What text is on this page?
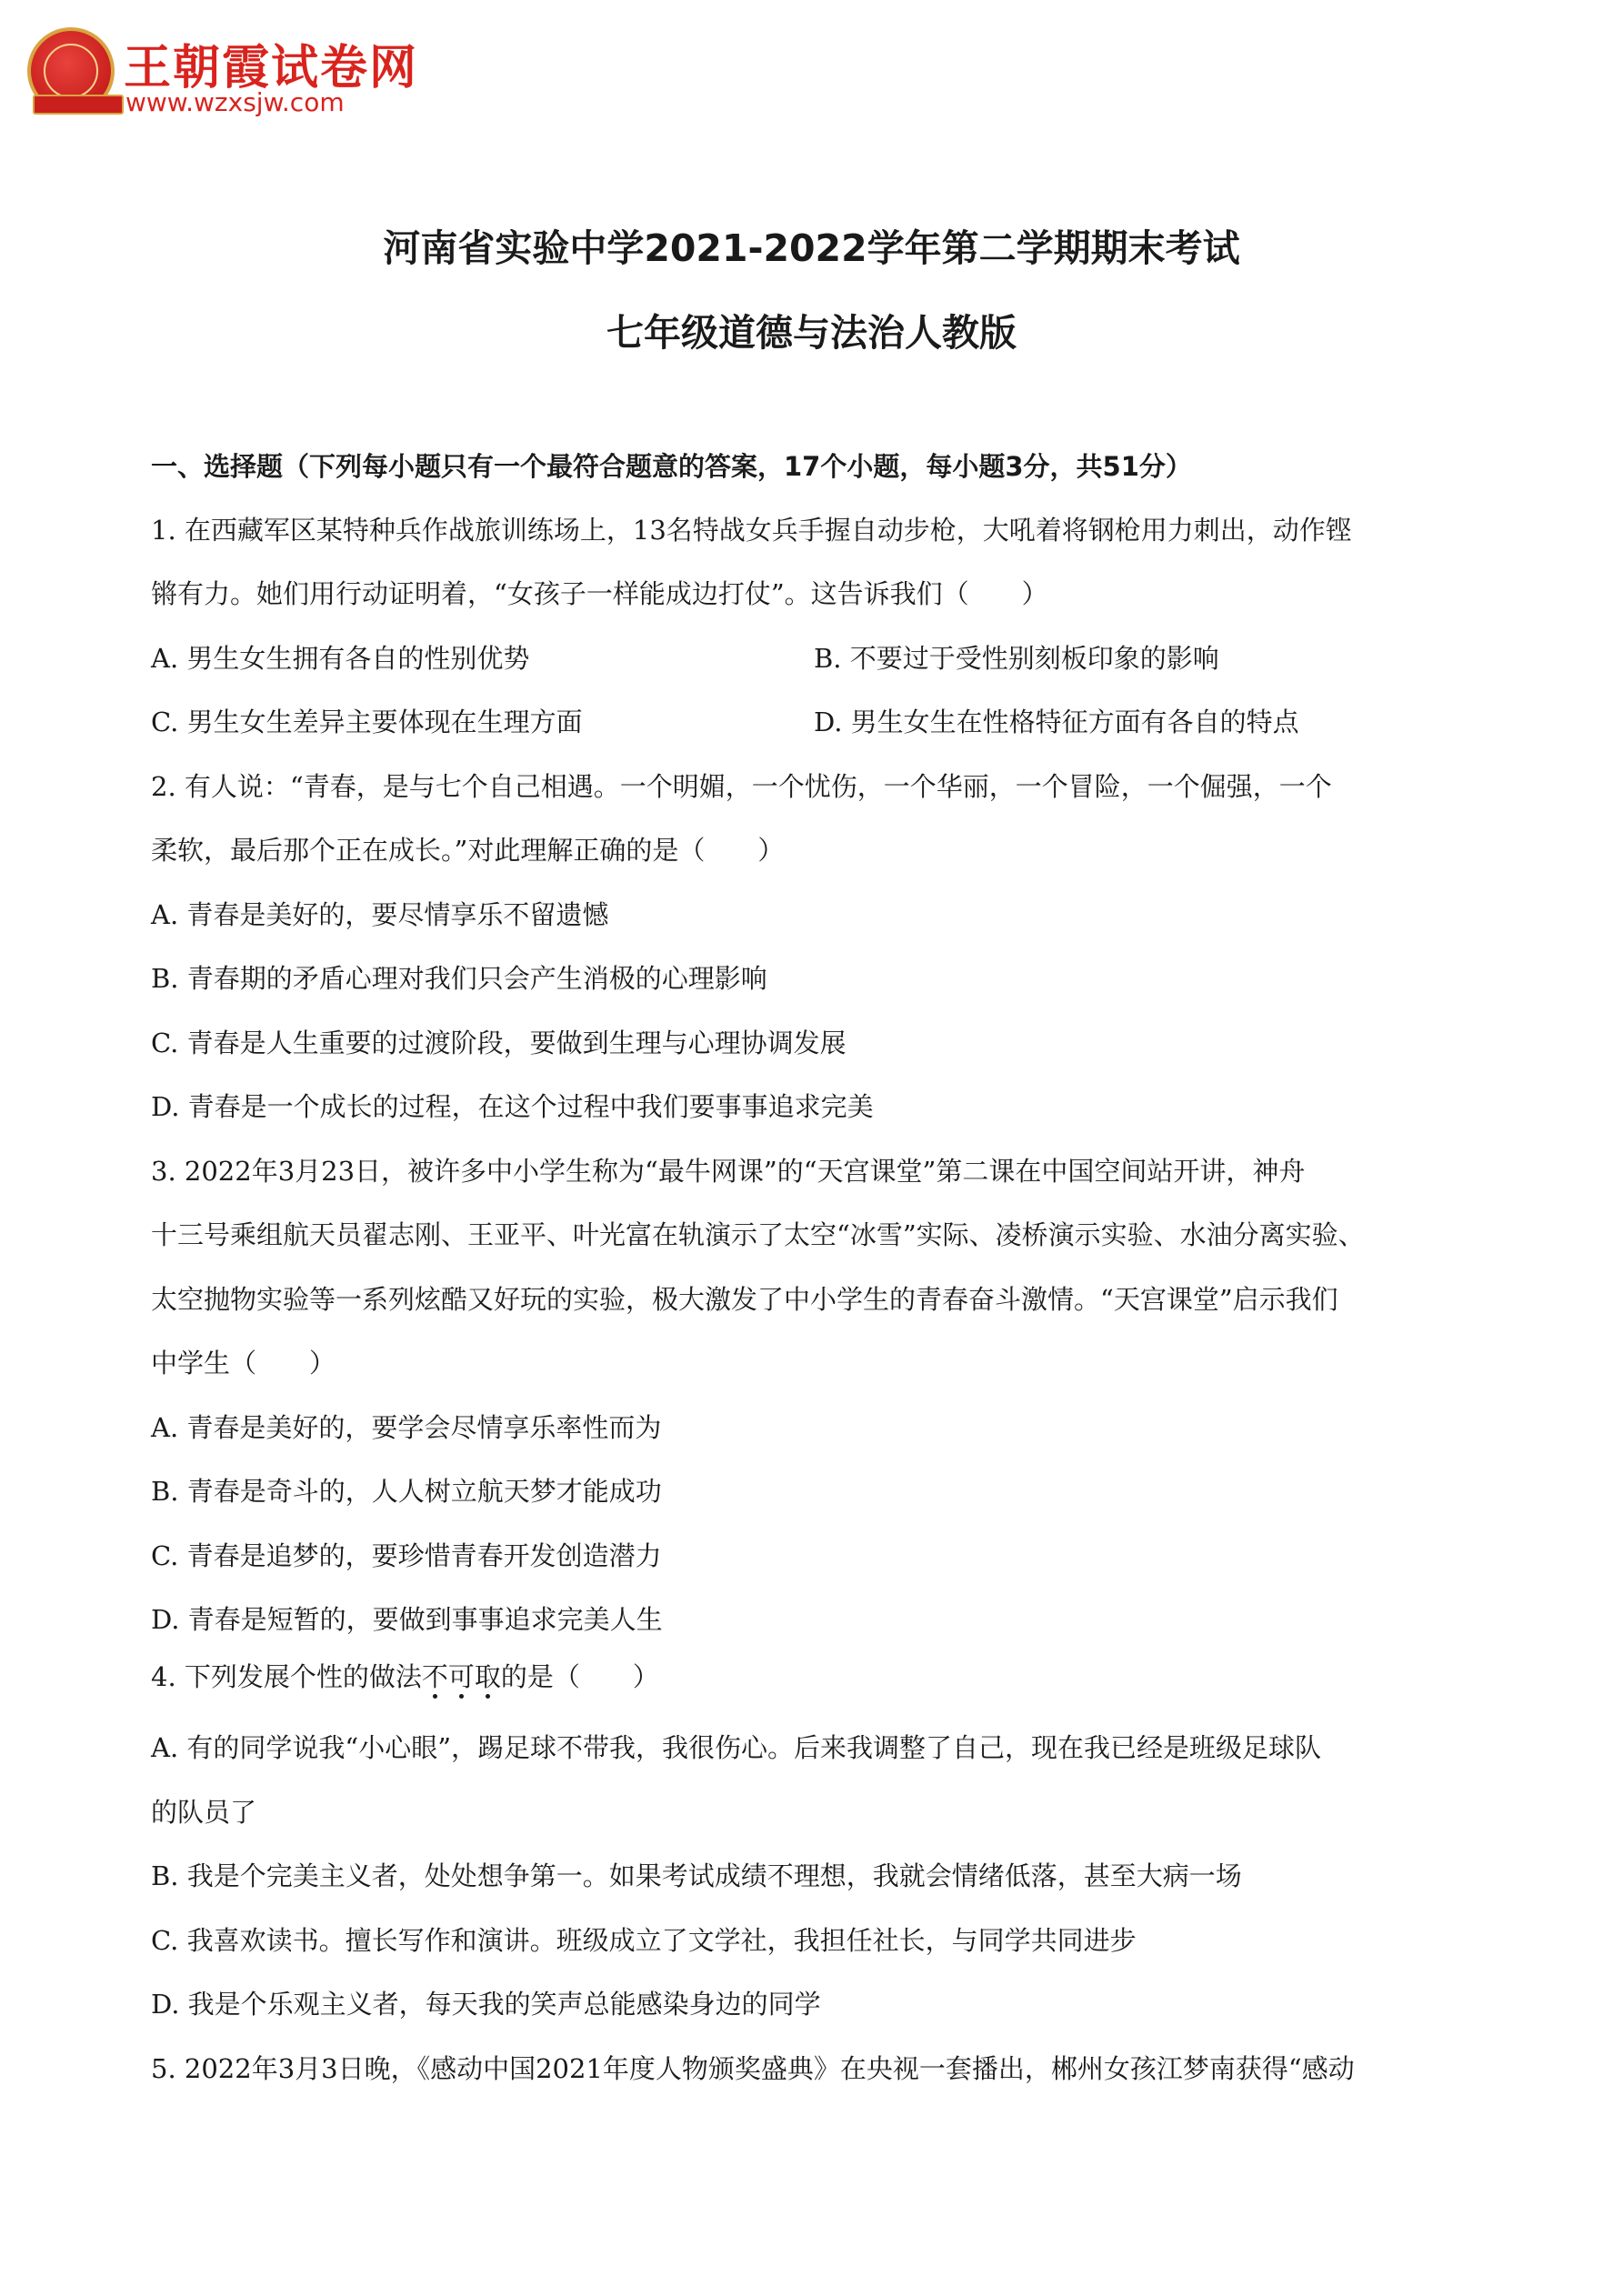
王朝霞试卷网
www.wzxsjw.com
河南省实验中学2021-2022学年第二学期期末考试
七年级道德与法治人教版
一、选择题（下列每小题只有一个最符合题意的答案，17个小题，每小题3分，共51分）
1. 在西藏军区某特种兵作战旅训练场上，13名特战女兵手握自动步枪，大吼着将钢枪用力刺出，动作铿
锵有力。她们用行动证明着，“女孩子一样能成边打仗”。这告诉我们（　　）
A. 男生女生拥有各自的性别优势	B. 不要过于受性别刻板印象的影响
C. 男生女生差异主要体现在生理方面	D. 男生女生在性格特征方面有各自的特点
2. 有人说：“青春，是与七个自己相遇。一个明媚，一个忧伤，一个华丽，一个冒险，一个倔强，一个
柔软，最后那个正在成长。”对此理解正确的是（　　）
A. 青春是美好的，要尽情享乐不留遗憾
B. 青春期的矛盾心理对我们只会产生消极的心理影响
C. 青春是人生重要的过渡阶段，要做到生理与心理协调发展
D. 青春是一个成长的过程，在这个过程中我们要事事追求完美
3. 2022年3月23日，被许多中小学生称为“最牛网课”的“天宫课堂”第二课在中国空间站开讲，神舟
十三号乘组航天员翟志刚、王亚平、叶光富在轨演示了太空“冰雪”实际、凌桥演示实验、水油分离实验、
太空抛物实验等一系列炫酷又好玩的实验，极大激发了中小学生的青春奋斗激情。“天宫课堂”启示我们
中学生（　　）
A. 青春是美好的，要学会尽情享乐率性而为
B. 青春是奇斗的，人人树立航天梦才能成功
C. 青春是追梦的，要珍惜青春开发创造潜力
D. 青春是短暂的，要做到事事追求完美人生
4. 下列发展个性的做法不可取
的是（　　）
A. 有的同学说我“小心眼”，踢足球不带我，我很伤心。后来我调整了自己，现在我已经是班级足球队
的队员了
B. 我是个完美主义者，处处想争第一。如果考试成绩不理想，我就会情绪低落，甚至大病一场
C. 我喜欢读书。擅长写作和演讲。班级成立了文学社，我担任社长，与同学共同进步
D. 我是个乐观主义者，每天我的笑声总能感染身边的同学
5. 2022年3月3日晚，《感动中国2021年度人物颁奖盛典》在央视一套播出，郴州女孩江梦南获得“感动
